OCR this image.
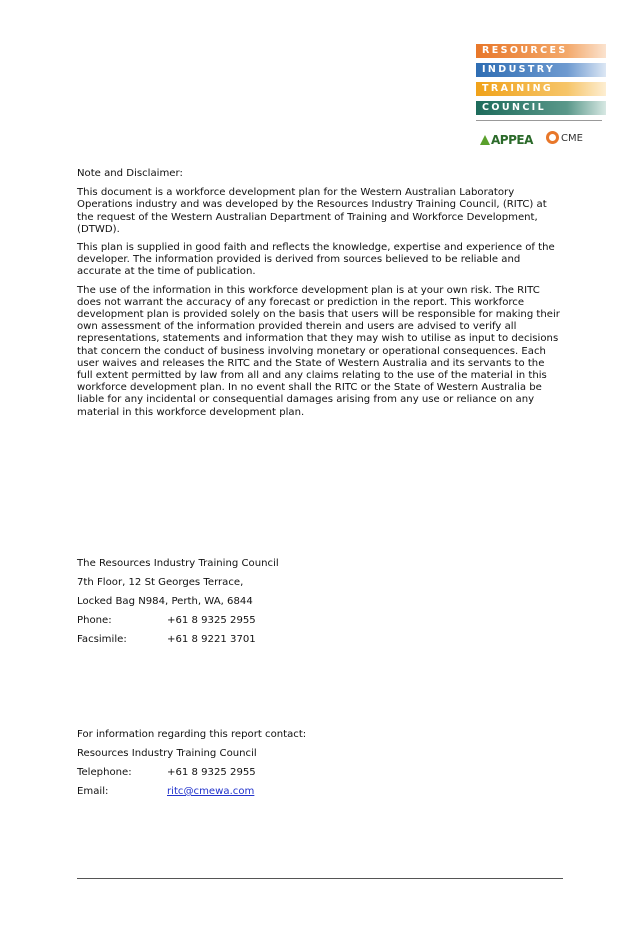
RESOURCES
INDUSTRY
TRAINING
COUNCIL
APPEA	CME

Note and Disclaimer:

This document is a workforce development plan for the Western Australian Laboratory Operations industry and was developed by the Resources Industry Training Council, (RITC) at the request of the Western Australian Department of Training and Workforce Development, (DTWD).

This plan is supplied in good faith and reflects the knowledge, expertise and experience of the developer. The information provided is derived from sources believed to be reliable and accurate at the time of publication.

The use of the information in this workforce development plan is at your own risk. The RITC does not warrant the accuracy of any forecast or prediction in the report. This workforce development plan is provided solely on the basis that users will be responsible for making their own assessment of the information provided therein and users are advised to verify all representations, statements and information that they may wish to utilise as input to decisions that concern the conduct of business involving monetary or operational consequences. Each user waives and releases the RITC and the State of Western Australia and its servants to the full extent permitted by law from all and any claims relating to the use of the material in this workforce development plan. In no event shall the RITC or the State of Western Australia be liable for any incidental or consequential damages arising from any use or reliance on any material in this workforce development plan.

The Resources Industry Training Council
7th Floor, 12 St Georges Terrace,
Locked Bag N984, Perth, WA, 6844
Phone:	+61 8 9325 2955
Facsimile:	+61 8 9221 3701
For information regarding this report contact:
Resources Industry Training Council
Telephone:	+61 8 9325 2955
Email:	ritc@cmewa.com
